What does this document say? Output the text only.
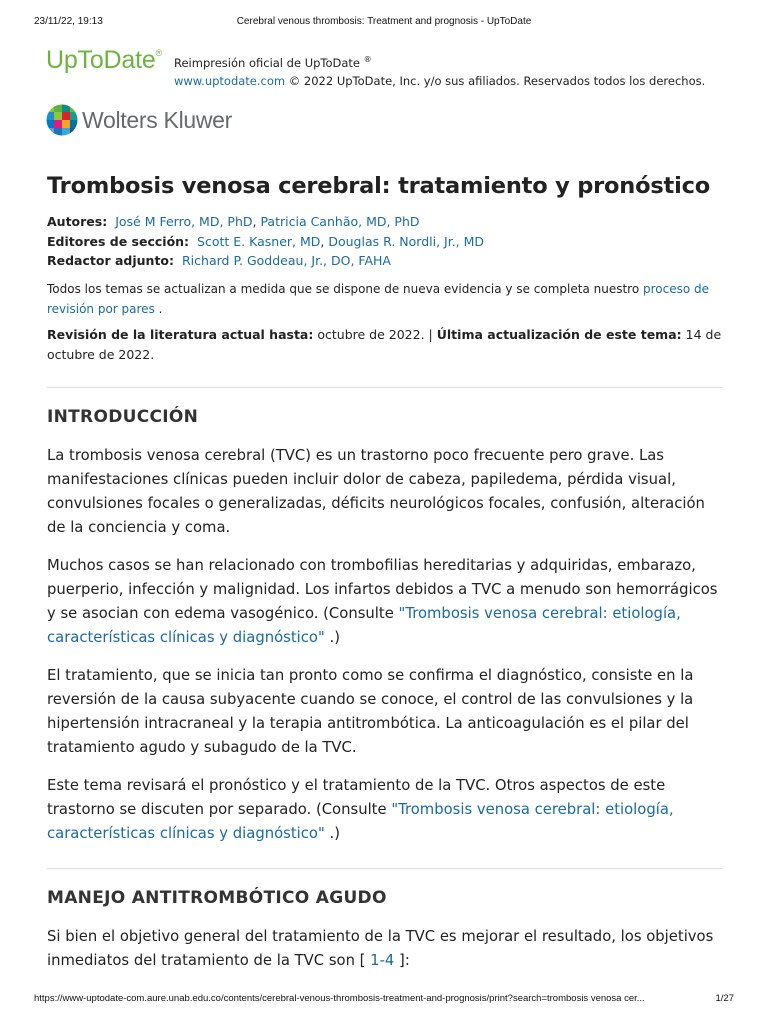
23/11/22, 19:13	Cerebral venous thrombosis: Treatment and prognosis - UpToDate
UpToDate®
Reimpresión oficial de UpToDate ®
www.uptodate.com © 2022 UpToDate, Inc. y/o sus afiliados. Reservados todos los derechos.
Wolters Kluwer
Trombosis venosa cerebral: tratamiento y pronóstico
Autores: José M Ferro, MD, PhD, Patricia Canhão, MD, PhD
Editores de sección: Scott E. Kasner, MD, Douglas R. Nordli, Jr., MD
Redactor adjunto: Richard P. Goddeau, Jr., DO, FAHA
Todos los temas se actualizan a medida que se dispone de nueva evidencia y se completa nuestro proceso de revisión por pares .
Revisión de la literatura actual hasta: octubre de 2022. | Última actualización de este tema: 14 de octubre de 2022.
INTRODUCCIÓN

La trombosis venosa cerebral (TVC) es un trastorno poco frecuente pero grave. Las manifestaciones clínicas pueden incluir dolor de cabeza, papiledema, pérdida visual, convulsiones focales o generalizadas, déficits neurológicos focales, confusión, alteración de la conciencia y coma.

Muchos casos se han relacionado con trombofilias hereditarias y adquiridas, embarazo, puerperio, infección y malignidad. Los infartos debidos a TVC a menudo son hemorrágicos y se asocian con edema vasogénico. (Consulte "Trombosis venosa cerebral: etiología, características clínicas y diagnóstico" .)

El tratamiento, que se inicia tan pronto como se confirma el diagnóstico, consiste en la reversión de la causa subyacente cuando se conoce, el control de las convulsiones y la hipertensión intracraneal y la terapia antitrombótica. La anticoagulación es el pilar del tratamiento agudo y subagudo de la TVC.

Este tema revisará el pronóstico y el tratamiento de la TVC. Otros aspectos de este trastorno se discuten por separado. (Consulte "Trombosis venosa cerebral: etiología, características clínicas y diagnóstico" .)

MANEJO ANTITROMBÓTICO AGUDO

Si bien el objetivo general del tratamiento de la TVC es mejorar el resultado, los objetivos inmediatos del tratamiento de la TVC son [ 1-4 ]:

https://www-uptodate-com.aure.unab.edu.co/contents/cerebral-venous-thrombosis-treatment-and-prognosis/print?search=trombosis venosa cer...	1/27
